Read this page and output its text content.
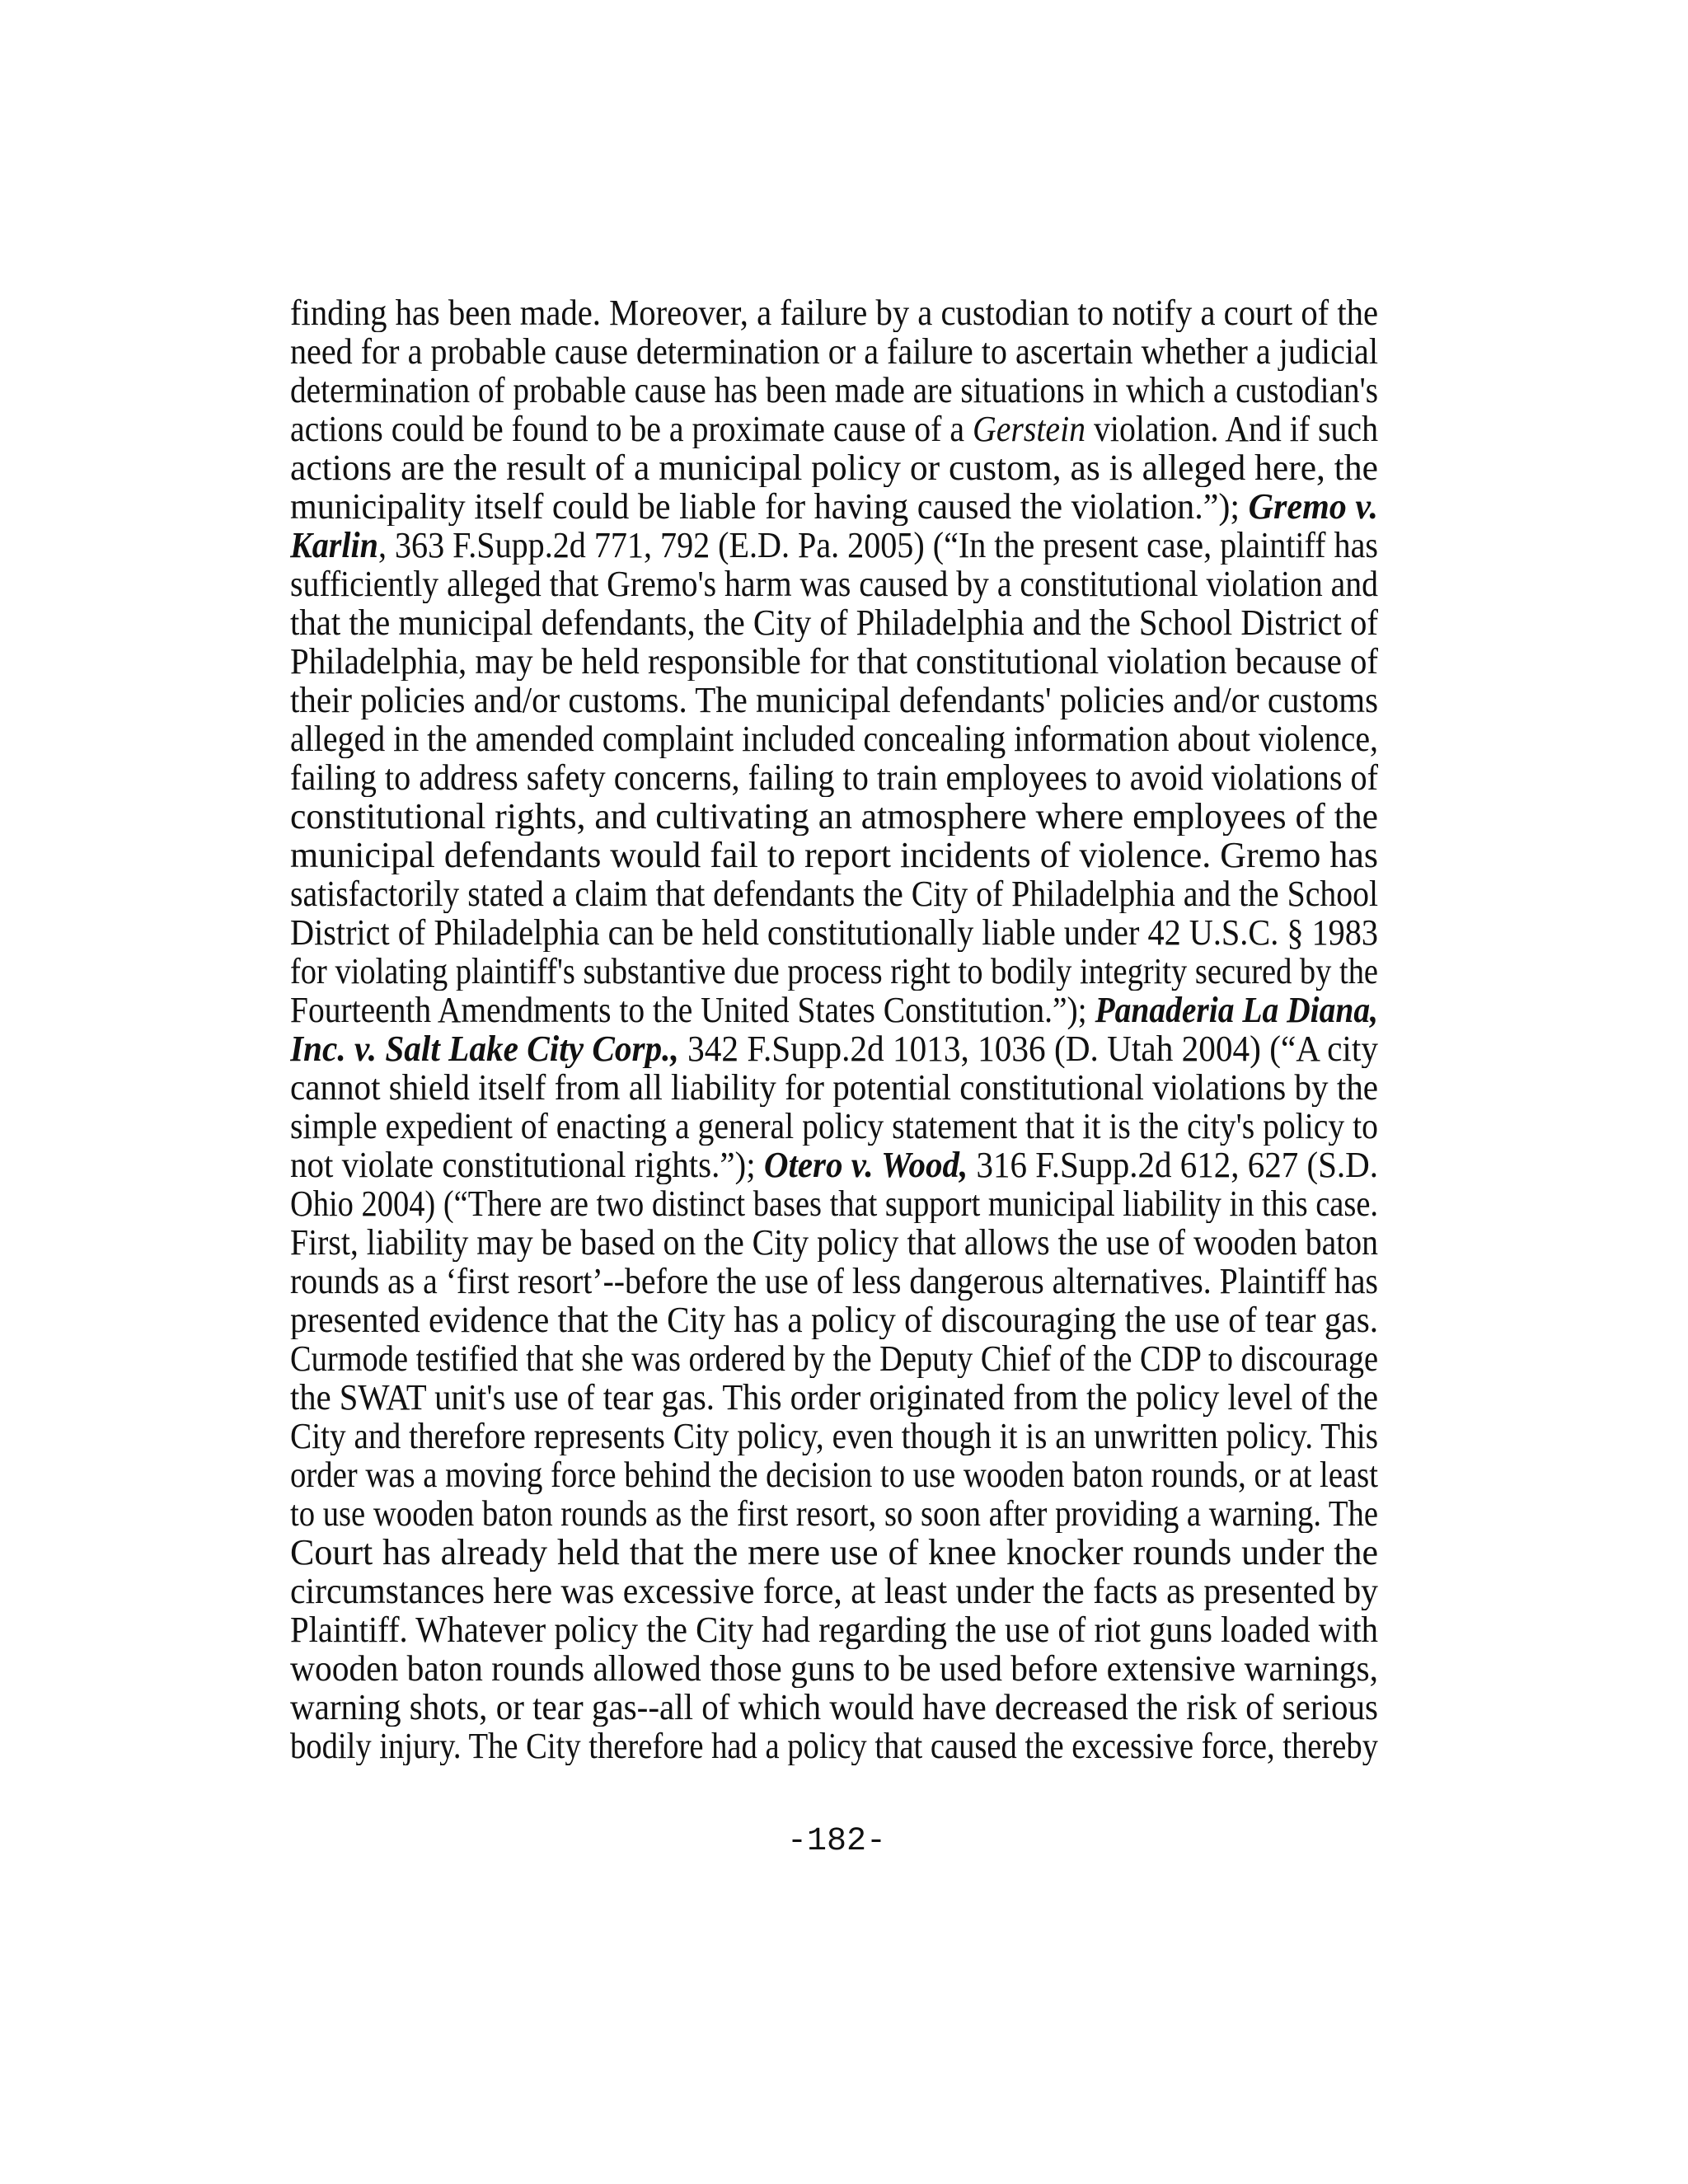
finding has been made. Moreover, a failure by a custodian to notify a court of the
need for a probable cause determination or a failure to ascertain whether a judicial
determination of probable cause has been made are situations in which a custodian's
actions could be found to be a proximate cause of a Gerstein violation. And if such
actions are the result of a municipal policy or custom, as is alleged here, the
municipality itself could be liable for having caused the violation.”); Gremo v.
Karlin, 363 F.Supp.2d 771, 792 (E.D. Pa. 2005) (“In the present case, plaintiff has
sufficiently alleged that Gremo's harm was caused by a constitutional violation and
that the municipal defendants, the City of Philadelphia and the School District of
Philadelphia, may be held responsible for that constitutional violation because of
their policies and/or customs. The municipal defendants' policies and/or customs
alleged in the amended complaint included concealing information about violence,
failing to address safety concerns, failing to train employees to avoid violations of
constitutional rights, and cultivating an atmosphere where employees of the
municipal defendants would fail to report incidents of violence. Gremo has
satisfactorily stated a claim that defendants the City of Philadelphia and the School
District of Philadelphia can be held constitutionally liable under 42 U.S.C. § 1983
for violating plaintiff's substantive due process right to bodily integrity secured by the
Fourteenth Amendments to the United States Constitution.”); Panaderia La Diana,
Inc. v. Salt Lake City Corp., 342 F.Supp.2d 1013, 1036 (D. Utah 2004) (“A city
cannot shield itself from all liability for potential constitutional violations by the
simple expedient of enacting a general policy statement that it is the city's policy to
not violate constitutional rights.”); Otero v. Wood, 316 F.Supp.2d 612, 627 (S.D.
Ohio 2004) (“There are two distinct bases that support municipal liability in this case.
First, liability may be based on the City policy that allows the use of wooden baton
rounds as a ‘first resort’--before the use of less dangerous alternatives. Plaintiff has
presented evidence that the City has a policy of discouraging the use of tear gas.
Curmode testified that she was ordered by the Deputy Chief of the CDP to discourage
the SWAT unit's use of tear gas. This order originated from the policy level of the
City and therefore represents City policy, even though it is an unwritten policy. This
order was a moving force behind the decision to use wooden baton rounds, or at least
to use wooden baton rounds as the first resort, so soon after providing a warning. The
Court has already held that the mere use of knee knocker rounds under the
circumstances here was excessive force, at least under the facts as presented by
Plaintiff. Whatever policy the City had regarding the use of riot guns loaded with
wooden baton rounds allowed those guns to be used before extensive warnings,
warning shots, or tear gas--all of which would have decreased the risk of serious
bodily injury. The City therefore had a policy that caused the excessive force, thereby
-182-
